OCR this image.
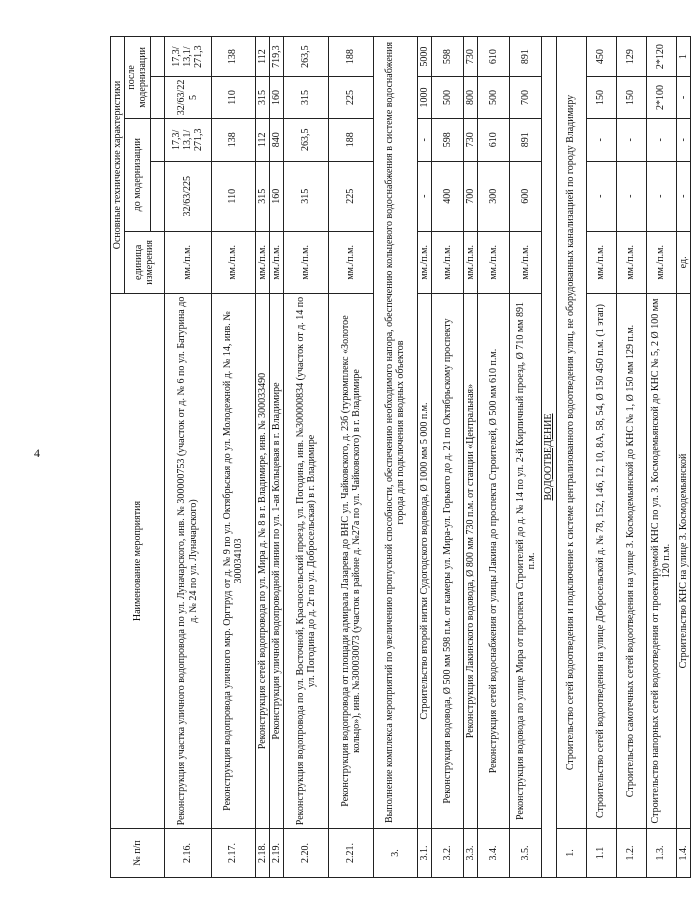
4
№ п/п	Наименование мероприятия	Основные технические характеристики				
		единица измерения	до модернизации		после модернизации	

2.16.	Реконструкция участка уличного водопровода по ул. Луначарского, инв. № 300000753 (участок от д. № 6 по ул. Батурина до д. № 24 по ул. Луначарского)	мм./п.м.	32/63/225	17,3/ 13,1/ 271,3	32/63/22 5	17,3/ 13,1/ 271,3
2.17.	Реконструкция водопровода уличного мкр. Оргтруд от д. № 9 по ул. Октябрьская до ул. Молодежной д. № 14, инв. № 300034103	мм./п.м.	110	138	110	138
2.18.	Реконструкция сетей водопровода по ул. Мира д. № 8 в г. Владимире, инв. № 300033490	мм./п.м.	315	112	315	112
2.19.	Реконструкция уличной водопроводной линии по ул. 1-ая Кольцевая в г. Владимире	мм./п.м.	160	840	160	719,3
2.20.	Реконструкция водопровода по ул. Восточной, Красносельский проезд, ул. Погодина, инв. №300000834 (участок от д. 14 по ул. Погодина до д. 2г по ул. Добросельская) в г. Владимире	мм./п.м.	315	263,5	315	263,5
2.21.	Реконструкция водопровода от площади адмирала Лазарева до ВНС ул. Чайковского, д. 23б (туркомплекс «Золотое кольцо»), инв. №300030073 (участок в районе д. №27а по ул. Чайковского) в г. Владимире	мм./п.м.	225	188	225	188
3.	Выполнение комплекса мероприятий по увеличению пропускной способности, обеспечению необходимого напора, обеспечению кольцевого водоснабжения в системе водоснабжения города для подключения вводных объектов					
3.1.	Строительство второй нитки Судогодского водовода, Ø 1000 мм 5 000 п.м.	мм./п.м.	-	-	1000	5000
3.2.	Реконструкция водовода, Ø 500 мм 598 п.м. от камеры ул. Мира-ул. Горького до д. 21 по Октябрьскому проспекту	мм./п.м.	400	598	500	598
3.3.	Реконструкция Лакинского водовода, Ø 800 мм 730 п.м. от станции «Центральная»	мм./п.м.	700	730	800	730
3.4.	Реконструкция сетей водоснабжения от улицы Лакина до проспекта Строителей, Ø 500 мм 610 п.м.	мм./п.м.	300	610	500	610
3.5.	Реконструкция водовода по улице Мира от проспекта Строителей до д. № 14 по ул. 2-й Кирпичный проезд, Ø 710 мм 891 п.м.	мм./п.м.	600	891	700	891
ВОДООТВЕДЕНИЕ						
1.	Строительство сетей водоотведения и подключение к системе централизованного водоотведения улиц, не оборудованных канализацией по городу Владимиру					
1.1	Строительство сетей водоотведения на улице Добросельской д. № 78, 152, 146, 12, 10, 8А, 58, 54, Ø 150 450 п.м. (1 этап)	мм./п.м.	-	-	150	450
1.2.	Строительство самотечных сетей водоотведения на улице З. Космодемьянской до КНС № 1, Ø 150 мм 129 п.м.	мм./п.м.	-	-	150	129
1.3.	Строительство напорных сетей водоотведения от проектируемой КНС по ул. З. Космодемьянской до КНС № 5, 2 Ø 100 мм 120 п.м.	мм./п.м.	-	-	2*100	2*120
1.4.	Строительство КНС на улице З. Космодемьянской	ед.	-	-	-	1
